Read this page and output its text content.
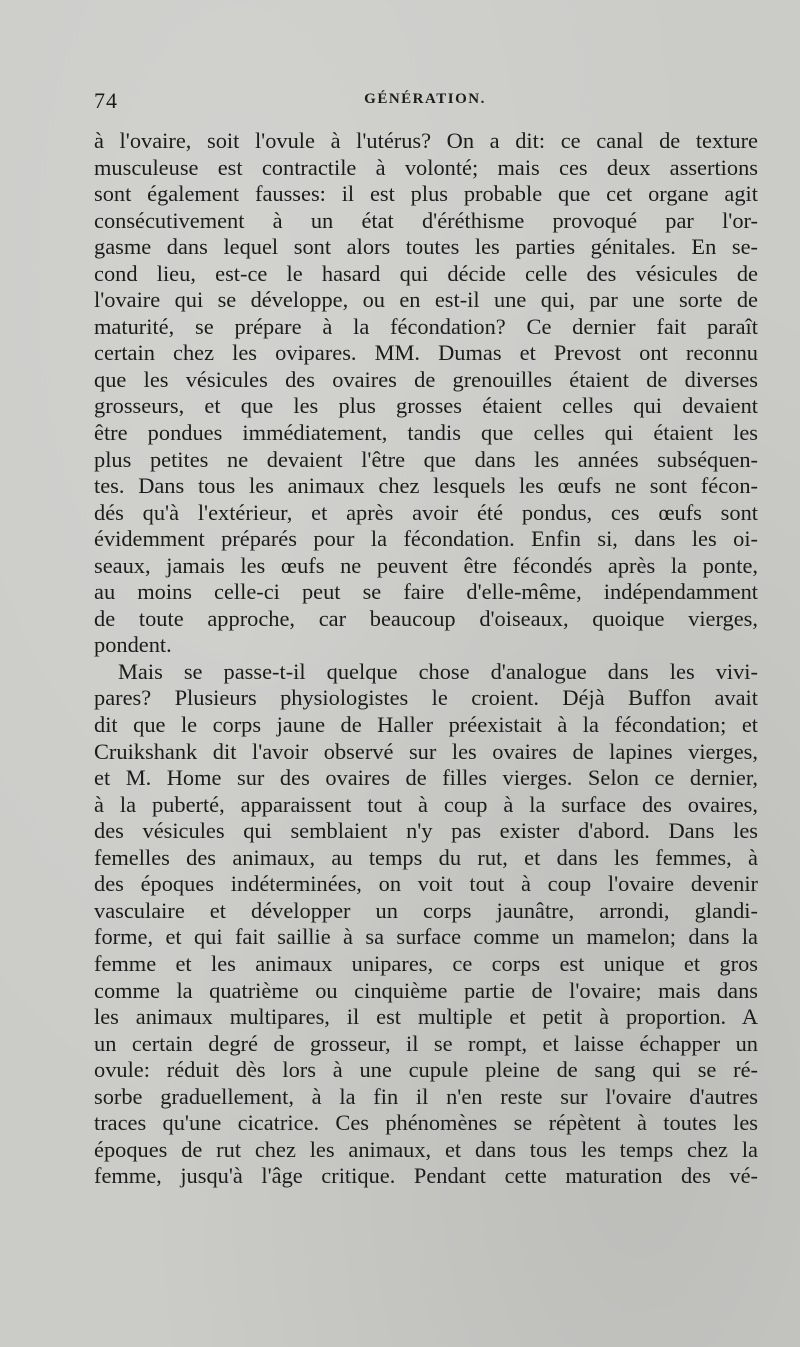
74	GÉNÉRATION.
à l'ovaire, soit l'ovule à l'utérus? On a dit: ce canal de texture
musculeuse est contractile à volonté; mais ces deux assertions
sont également fausses: il est plus probable que cet organe agit
consécutivement à un état d'éréthisme provoqué par l'or-
gasme dans lequel sont alors toutes les parties génitales. En se-
cond lieu, est-ce le hasard qui décide celle des vésicules de
l'ovaire qui se développe, ou en est-il une qui, par une sorte de
maturité, se prépare à la fécondation? Ce dernier fait paraît
certain chez les ovipares. MM. Dumas et Prevost ont reconnu
que les vésicules des ovaires de grenouilles étaient de diverses
grosseurs, et que les plus grosses étaient celles qui devaient
être pondues immédiatement, tandis que celles qui étaient les
plus petites ne devaient l'être que dans les années subséquen-
tes. Dans tous les animaux chez lesquels les œufs ne sont fécon-
dés qu'à l'extérieur, et après avoir été pondus, ces œufs sont
évidemment préparés pour la fécondation. Enfin si, dans les oi-
seaux, jamais les œufs ne peuvent être fécondés après la ponte,
au moins celle-ci peut se faire d'elle-même, indépendamment
de toute approche, car beaucoup d'oiseaux, quoique vierges,
pondent.
Mais se passe-t-il quelque chose d'analogue dans les vivi-
pares? Plusieurs physiologistes le croient. Déjà Buffon avait
dit que le corps jaune de Haller préexistait à la fécondation; et
Cruikshank dit l'avoir observé sur les ovaires de lapines vierges,
et M. Home sur des ovaires de filles vierges. Selon ce dernier,
à la puberté, apparaissent tout à coup à la surface des ovaires,
des vésicules qui semblaient n'y pas exister d'abord. Dans les
femelles des animaux, au temps du rut, et dans les femmes, à
des époques indéterminées, on voit tout à coup l'ovaire devenir
vasculaire et développer un corps jaunâtre, arrondi, glandi-
forme, et qui fait saillie à sa surface comme un mamelon; dans la
femme et les animaux unipares, ce corps est unique et gros
comme la quatrième ou cinquième partie de l'ovaire; mais dans
les animaux multipares, il est multiple et petit à proportion. A
un certain degré de grosseur, il se rompt, et laisse échapper un
ovule: réduit dès lors à une cupule pleine de sang qui se ré-
sorbe graduellement, à la fin il n'en reste sur l'ovaire d'autres
traces qu'une cicatrice. Ces phénomènes se répètent à toutes les
époques de rut chez les animaux, et dans tous les temps chez la
femme, jusqu'à l'âge critique. Pendant cette maturation des vé-
